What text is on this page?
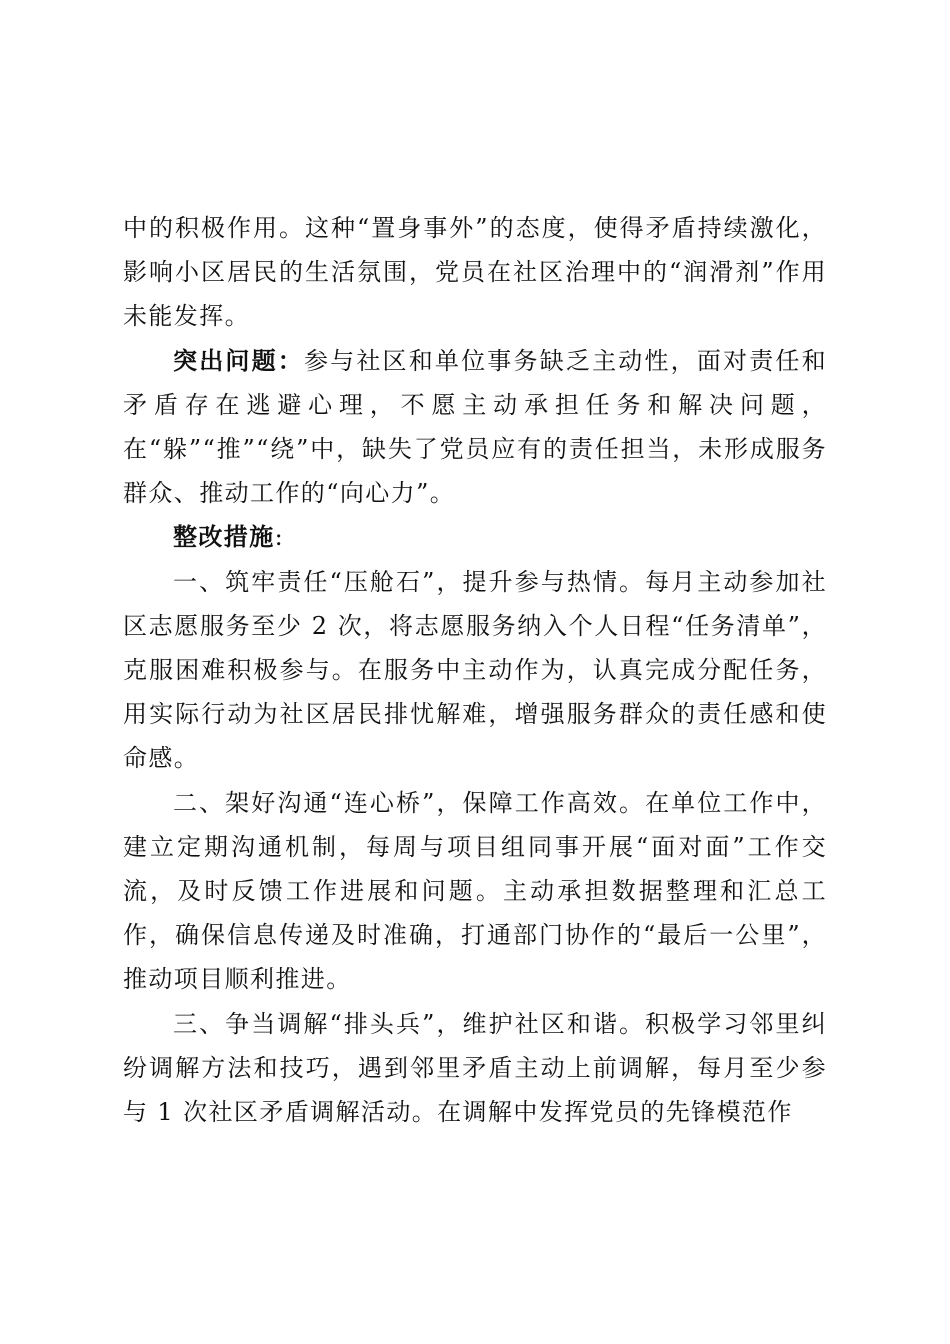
中的积极作用。这种“置身事外”的态度，使得矛盾持续激化，影响小区居民的生活氛围，党员在社区治理中的“润滑剂”作用未能发挥。

突出问题：参与社区和单位事务缺乏主动性，面对责任和矛盾存在逃避心理，不愿主动承担任务和解决问题，在“躲”“推”“绕”中，缺失了党员应有的责任担当，未形成服务群众、推动工作的“向心力”。

整改措施:

一、筑牢责任“压舱石”，提升参与热情。每月主动参加社区志愿服务至少 2 次，将志愿服务纳入个人日程“任务清单”，克服困难积极参与。在服务中主动作为，认真完成分配任务，用实际行动为社区居民排忧解难，增强服务群众的责任感和使命感。

二、架好沟通“连心桥”，保障工作高效。在单位工作中，建立定期沟通机制，每周与项目组同事开展“面对面”工作交流，及时反馈工作进展和问题。主动承担数据整理和汇总工作，确保信息传递及时准确，打通部门协作的“最后一公里”，推动项目顺利推进。

三、争当调解“排头兵”，维护社区和谐。积极学习邻里纠纷调解方法和技巧，遇到邻里矛盾主动上前调解，每月至少参与 1 次社区矛盾调解活动。在调解中发挥党员的先锋模范作
